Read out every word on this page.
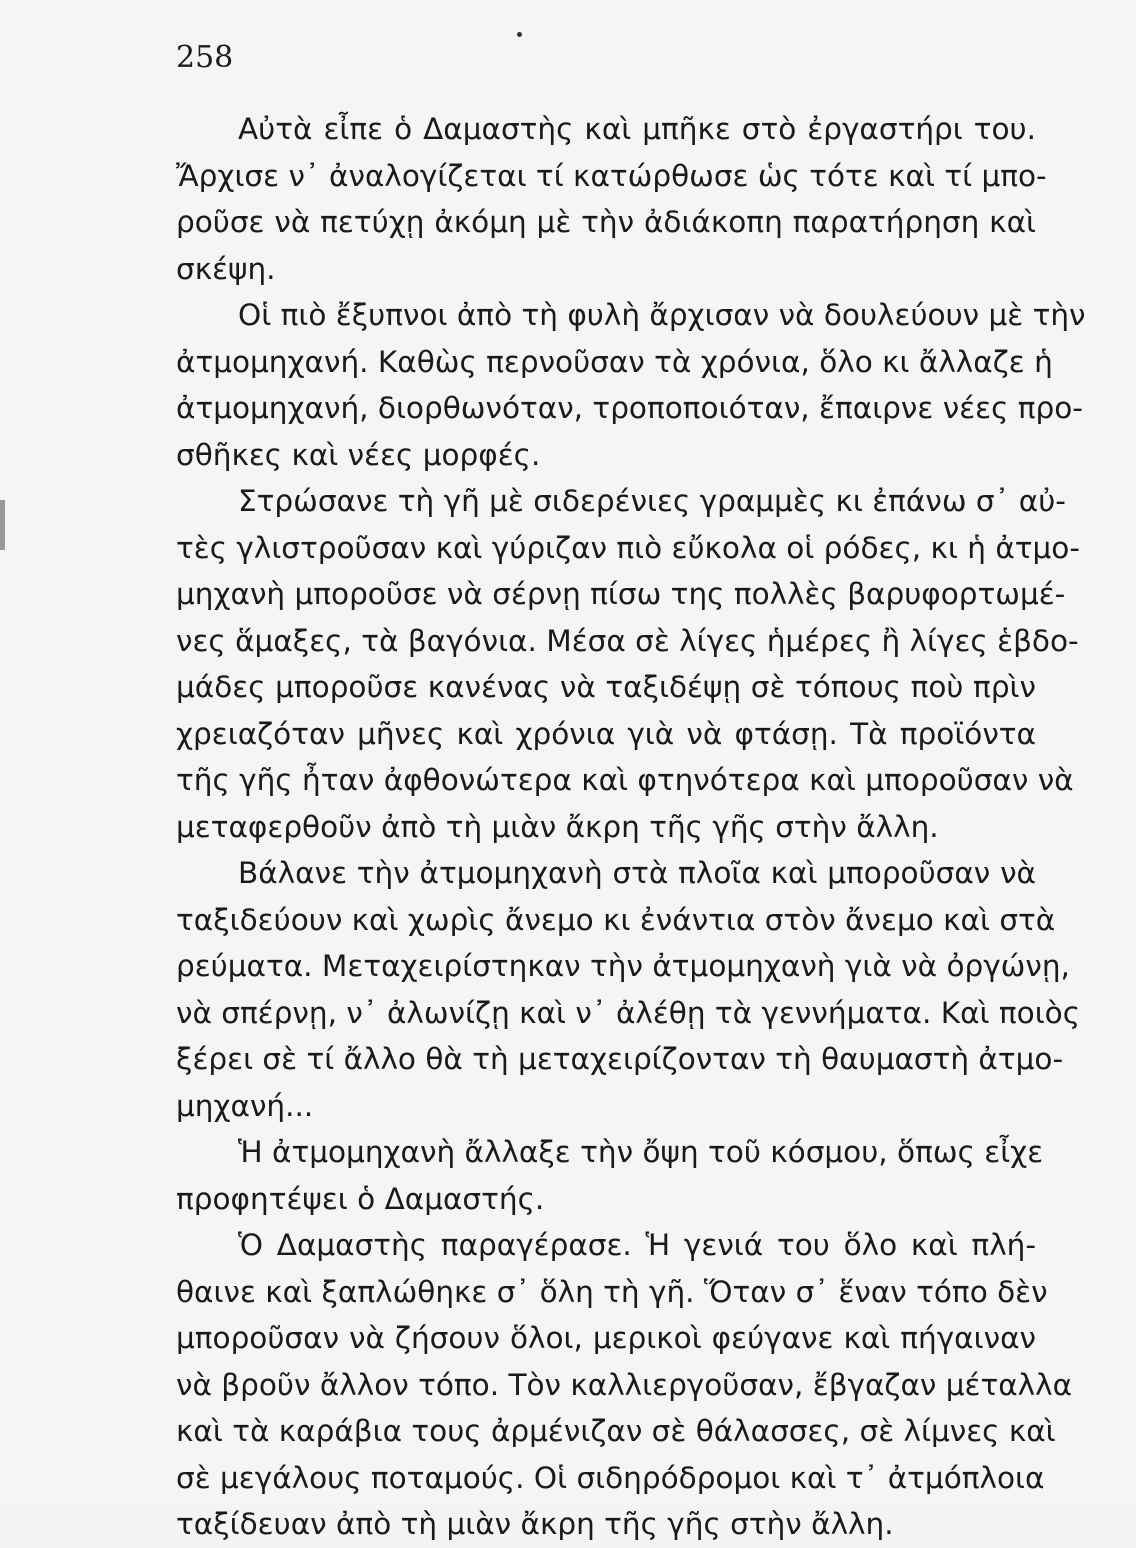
258
Αὐτὰ εἶπε ὁ Δαμαστὴς καὶ μπῆκε στὸ ἐργαστήρι του.
Ἄρχισε ν᾿ ἀναλογίζεται τί κατώρθωσε ὡς τότε καὶ τί μπο-
ροῦσε νὰ πετύχῃ ἀκόμη μὲ τὴν ἀδιάκοπη παρατήρηση καὶ
σκέψη.
Οἱ πιὸ ἔξυπνοι ἀπὸ τὴ φυλὴ ἄρχισαν νὰ δουλεύουν μὲ τὴν
ἀτμομηχανή. Καθὼς περνοῦσαν τὰ χρόνια, ὅλο κι ἄλλαζε ἡ
ἀτμομηχανή, διορθωνόταν, τροποποιόταν, ἔπαιρνε νέες προ-
σθῆκες καὶ νέες μορφές.
Στρώσανε τὴ γῆ μὲ σιδερένιες γραμμὲς κι ἐπάνω σ᾿ αὐ-
τὲς γλιστροῦσαν καὶ γύριζαν πιὸ εὔκολα οἱ ρόδες, κι ἡ ἀτμο-
μηχανὴ μποροῦσε νὰ σέρνῃ πίσω της πολλὲς βαρυφορτωμέ-
νες ἅμαξες, τὰ βαγόνια. Μέσα σὲ λίγες ἡμέρες ἢ λίγες ἑβδο-
μάδες μποροῦσε κανένας νὰ ταξιδέψῃ σὲ τόπους ποὺ πρὶν
χρειαζόταν μῆνες καὶ χρόνια γιὰ νὰ φτάσῃ. Τὰ προϊόντα
τῆς γῆς ἦταν ἀφθονώτερα καὶ φτηνότερα καὶ μποροῦσαν νὰ
μεταφερθοῦν ἀπὸ τὴ μιὰν ἄκρη τῆς γῆς στὴν ἄλλη.
Βάλανε τὴν ἀτμομηχανὴ στὰ πλοῖα καὶ μποροῦσαν νὰ
ταξιδεύουν καὶ χωρὶς ἄνεμο κι ἐνάντια στὸν ἄνεμο καὶ στὰ
ρεύματα. Μεταχειρίστηκαν τὴν ἀτμομηχανὴ γιὰ νὰ ὀργώνῃ,
νὰ σπέρνῃ, ν᾿ ἀλωνίζῃ καὶ ν᾿ ἀλέθῃ τὰ γεννήματα. Καὶ ποιὸς
ξέρει σὲ τί ἄλλο θὰ τὴ μεταχειρίζονταν τὴ θαυμαστὴ ἀτμο-
μηχανή...
Ἡ ἀτμομηχανὴ ἄλλαξε τὴν ὄψη τοῦ κόσμου, ὅπως εἶχε
προφητέψει ὁ Δαμαστής.
Ὁ Δαμαστὴς παραγέρασε. Ἡ γενιά του ὅλο καὶ πλή-
θαινε καὶ ξαπλώθηκε σ᾿ ὅλη τὴ γῆ. Ὅταν σ᾿ ἕναν τόπο δὲν
μποροῦσαν νὰ ζήσουν ὅλοι, μερικοὶ φεύγανε καὶ πήγαιναν
νὰ βροῦν ἄλλον τόπο. Τὸν καλλιεργοῦσαν, ἔβγαζαν μέταλλα
καὶ τὰ καράβια τους ἀρμένιζαν σὲ θάλασσες, σὲ λίμνες καὶ
σὲ μεγάλους ποταμούς. Οἱ σιδηρόδρομοι καὶ τ᾿ ἀτμόπλοια
ταξίδευαν ἀπὸ τὴ μιὰν ἄκρη τῆς γῆς στὴν ἄλλη.
